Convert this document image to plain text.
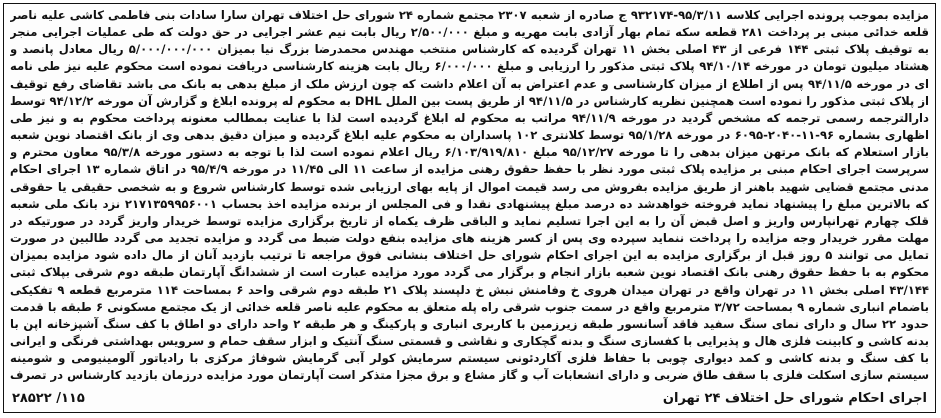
مزایده بموجب پرونده اجرایی کلاسه ۹۵/۳/۱۱-۹۳۲۱۷۴ ج صادره از شعبه ۲۳۰۷ مجتمع شماره ۲۴ شورای حل اختلاف تهران سارا سادات بنی فاطمی کاشی علیه ناصر قلعه خدائی مبنی بر پرداخت ۲۸۱ قطعه سکه تمام بهار آزادی بابت مهریه و مبلغ ۲/۵۰۰/۰۰۰ ریال بابت نیم عشر اجرایی در حق دولت که طی عملیات اجرایی منجر به توقیف پلاک ثبتی ۱۴۴ فرعی از ۴۳ اصلی بخش ۱۱ تهران گردیده که کارشناس منتخب مهندس محمدرضا بزرگ نیا بمیزان ۵/۰۰۰/۰۰۰/۰۰۰ ریال معادل پانصد و هشتاد میلیون تومان در مورخه ۹۴/۱۰/۱۴ پلاک ثبتی مذکور را ارزیابی و مبلغ ۶/۰۰۰/۰۰۰ ریال بابت هزینه کارشناسی دریافت نموده است محکوم علیه نیز طی نامه ای در مورخه ۹۴/۱۱/۵ پس از اطلاع از میزان کارشناسی و عدم اعتراض به آن اعلام داشت که چون ارزش ملک از مبلغ بدهی به بانک می باشد تقاضای رفع توقیف از پلاک ثبتی مذکور را نموده است همچنین نظریه کارشناس در ۹۴/۱۱/۵ از طریق پست بین الملل DHL به محکوم له پرونده ابلاغ و گزارش آن مورخه ۹۴/۱۲/۲ توسط دارالترجمه رسمی ترجمه که مشخص گردید در مورخه ۹۴/۱۱/۹ مراتب به محکوم له ابلاغ گردیده است لذا با عنایت بمطالب معنونه پرداخت محکوم به و نیز طی اظهاری بشماره ۹۶-۱۱-۲۰۴۰-۶۰۹۵ در مورخه ۹۵/۱/۲۸ توسط کلانتری ۱۰۲ پاسداران به محکوم علیه ابلاغ گردیده و میزان دقیق بدهی وی از بانک اقتصاد نوین شعبه بازار استعلام که بانک مرتهن میزان بدهی را تا مورخه ۹۵/۱۲/۲۷ مبلغ ۶/۱۰۳/۹۱۹/۸۱۰ ریال اعلام نموده است لذا با توجه به دستور مورخه ۹۵/۳/۸ معاون محترم و سرپرست اجرای احکام مبنی بر مزایده پلاک ثبتی مورد نظر با حفظ حقوق رهنی مزایده از ساعت ۱۱ الی ۱۱/۴۵ در مورخه ۹۵/۴/۹ در اتاق شماره ۱۳ اجرای احکام مدنی مجتمع قضایی شهید باهنر از طریق مزایده بفروش می رسد قیمت اموال از پایه بهای ارزیابی شده توسط کارشناس شروع و به شخصی حقیقی یا حقوقی که بالاترین مبلغ را پیشنهاد نماید فروخته خواهدشد ده درصد مبلغ پیشنهادی نقدا و فی المجلس از برنده مزایده اخذ بحساب ۲۱۷۱۳۵۹۹۵۶۰۰۱ نزد بانک ملی شعبه قلک چهارم تهرانپارس واریز و اصل قبض آن را به این اجرا تسلیم نماید و الباقی ظرف یکماه از تاریخ برگزاری مزایده توسط خریدار واریز گردد در صورتیکه در مهلت مقرر خریدار وجه مزایده را پرداخت ننماید سپرده وی پس از کسر هزینه های مزایده بنفع دولت ضبط می گردد و مزایده تجدید می گردد طالبین در صورت تمایل می توانند ۵ روز قبل از برگزاری مزایده به این اجرای احکام شورای حل اختلاف بنشانی فوق مراجعه تا ترتیب بازدید آنان از مال داده شود مزایده بمیزان محکوم به با حفظ حقوق رهنی بانک اقتصاد نوین شعبه بازار انجام و برگزار می گردد مورد مزایده عبارت است از ششدانگ آپارتمان طبقه دوم شرقی بپلاک ثبتی ۴۳/۱۴۴ اصلی بخش ۱۱ در تهران واقع در تهران میدان هروی خ وفامنش نبش خ دلپسند پلاک ۲۱ طبقه دوم شرقی واحد ۶ بمساحت ۱۱۴ مترمربع قطعه ۹ تفکیکی باضمام انباری شماره ۹ بمساحت ۳/۷۲ مترمربع واقع در سمت جنوب شرقی راه پله متعلق به محکوم علیه ناصر قلعه خدائی از یک مجتمع مسکونی ۶ طبقه با قدمت حدود ۲۲ سال و دارای نمای سنگ سفید فاقد آسانسور طبقه زیرزمین با کاربری انباری و پارکینگ و هر طبقه ۲ واحد دارای دو اطاق با کف سنگ آشپزخانه اپن با بدنه کاشی و کابینت فلزی هال و پذیرایی با کفسازی سنگ و بدنه گچکاری و نقاشی و قسمتی سنگ آنتیک و ابزار سقف حمام و سرویس بهداشتی فرنگی و ایرانی با کف سنگ و بدنه کاشی و کمد دیواری چوبی با حفاظ فلزی آکاردئونی سیستم سرمایش کولر آبی گرمایش شوفاژ مرکزی با رادیاتور آلومینیومی و شومینه سیستم سازی اسکلت فلزی با سقف طاق ضربی و دارای انشعابات آب و گاز مشاع و برق مجزا متذکر است آپارتمان مورد مزایده درزمان بازدید کارشناس در تصرف

اجرای احکام شورای حل اختلاف ۲۴ تهران
۱۱۵/ ۲۸۵۲۲
